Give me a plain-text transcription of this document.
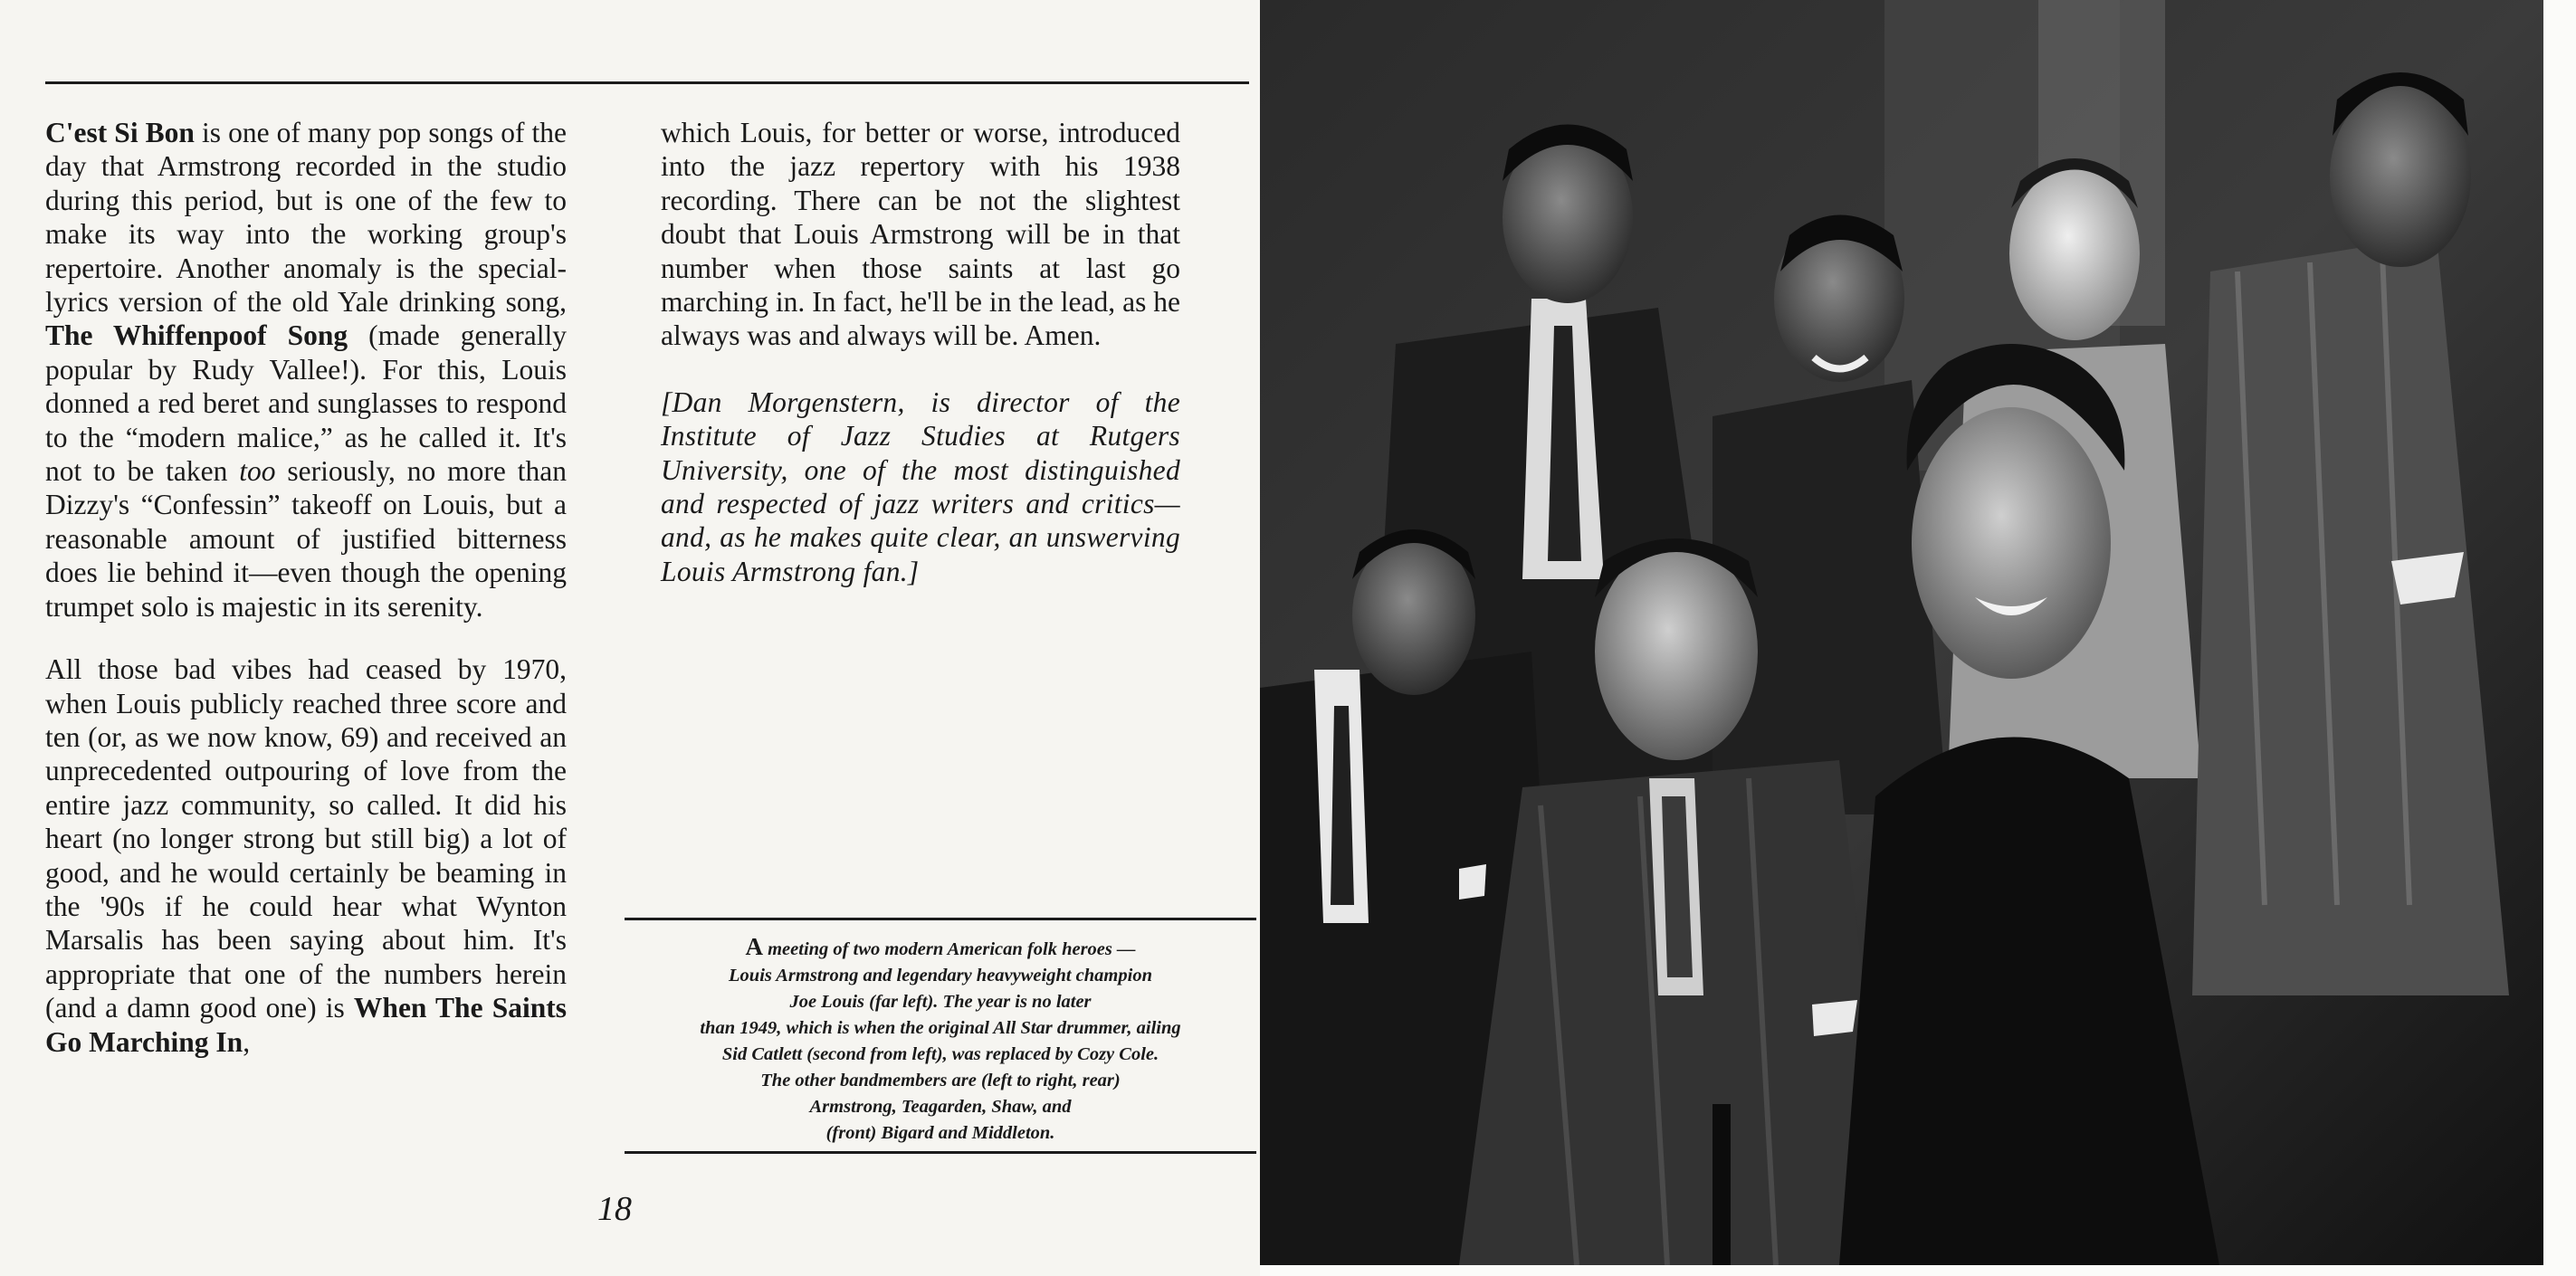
C'est Si Bon is one of many pop songs of the day that Armstrong recorded in the studio during this period, but is one of the few to make its way into the working group's repertoire. Another anomaly is the special-lyrics version of the old Yale drinking song, The Whiffenpoof Song (made generally popular by Rudy Vallee!). For this, Louis donned a red beret and sunglasses to respond to the “modern malice,” as he called it. It's not to be taken too seriously, no more than Dizzy's “Confessin” takeoff on Louis, but a reasonable amount of justified bitterness does lie behind it—even though the opening trumpet solo is majestic in its serenity.

All those bad vibes had ceased by 1970, when Louis publicly reached three score and ten (or, as we now know, 69) and received an unprecedented outpouring of love from the entire jazz community, so called. It did his heart (no longer strong but still big) a lot of good, and he would certainly be beaming in the '90s if he could hear what Wynton Marsalis has been saying about him. It's appropriate that one of the numbers herein (and a damn good one) is When The Saints Go Marching In,

which Louis, for better or worse, introduced into the jazz repertory with his 1938 recording. There can be not the slightest doubt that Louis Armstrong will be in that number when those saints at last go marching in. In fact, he'll be in the lead, as he always was and always will be. Amen.

[Dan Morgenstern, is director of the Institute of Jazz Studies at Rutgers University, one of the most distinguished and respected of jazz writers and critics—and, as he makes quite clear, an unswerving Louis Armstrong fan.]

A meeting of two modern American folk heroes —
Louis Armstrong and legendary heavyweight champion
Joe Louis (far left). The year is no later
than 1949, which is when the original All Star drummer, ailing
Sid Catlett (second from left), was replaced by Cozy Cole.
The other bandmembers are (left to right, rear)
Armstrong, Teagarden, Shaw, and
(front) Bigard and Middleton.
18
